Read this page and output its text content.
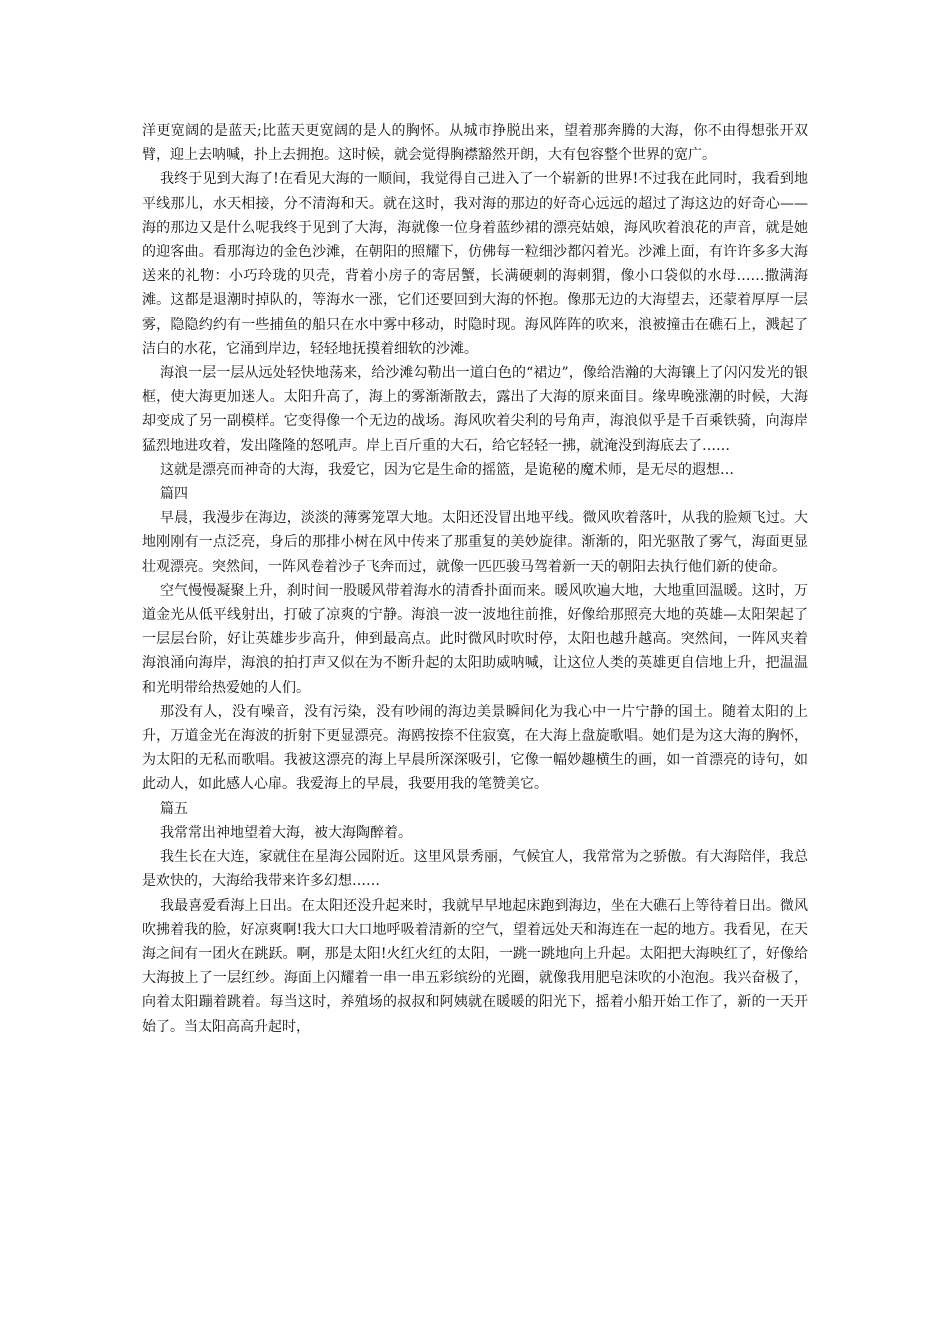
洋更宽阔的是蓝天;比蓝天更宽阔的是人的胸怀。从城市挣脱出来，望着那奔腾的大海，你不由得想张开双臂，迎上去呐喊，扑上去拥抱。这时候，就会觉得胸襟豁然开朗，大有包容整个世界的宽广。

我终于见到大海了!在看见大海的一顺间，我觉得自己进入了一个崭新的世界!不过我在此同时，我看到地平线那儿，水天相接，分不清海和天。就在这时，我对海的那边的好奇心远远的超过了海这边的好奇心——海的那边又是什么呢我终于见到了大海，海就像一位身着蓝纱裙的漂亮姑娘，海风吹着浪花的声音，就是她的迎客曲。看那海边的金色沙滩，在朝阳的照耀下，仿佛每一粒细沙都闪着光。沙滩上面，有许许多多大海送来的礼物：小巧玲珑的贝壳，背着小房子的寄居蟹，长满硬刺的海刺猬，像小口袋似的水母……撒满海滩。这都是退潮时掉队的，等海水一涨，它们还要回到大海的怀抱。像那无边的大海望去，还蒙着厚厚一层雾，隐隐约约有一些捕鱼的船只在水中雾中移动，时隐时现。海风阵阵的吹来，浪被撞击在礁石上，溅起了洁白的水花，它涌到岸边，轻轻地抚摸着细软的沙滩。

海浪一层一层从远处轻快地荡来，给沙滩勾勒出一道白色的“裙边”，像给浩瀚的大海镶上了闪闪发光的银框，使大海更加迷人。太阳升高了，海上的雾渐渐散去，露出了大海的原来面目。缘卑晚涨潮的时候，大海却变成了另一副模样。它变得像一个无边的战场。海风吹着尖利的号角声，海浪似乎是千百乘铁骑，向海岸猛烈地进攻着，发出隆隆的怒吼声。岸上百斤重的大石，给它轻轻一拂，就淹没到海底去了……

这就是漂亮而神奇的大海，我爱它，因为它是生命的摇篮，是诡秘的魔术师，是无尽的遐想…

篇四

早晨，我漫步在海边，淡淡的薄雾笼罩大地。太阳还没冒出地平线。微风吹着落叶，从我的脸颊飞过。大地刚刚有一点泛亮，身后的那排小树在风中传来了那重复的美妙旋律。渐渐的，阳光驱散了雾气，海面更显壮观漂亮。突然间，一阵风卷着沙子飞奔而过，就像一匹匹骏马驾着新一天的朝阳去执行他们新的使命。

空气慢慢凝聚上升，刹时间一股暖风带着海水的清香扑面而来。暖风吹遍大地，大地重回温暖。这时，万道金光从低平线射出，打破了凉爽的宁静。海浪一波一波地往前推，好像给那照亮大地的英雄—太阳架起了一层层台阶，好让英雄步步高升，伸到最高点。此时微风时吹时停，太阳也越升越高。突然间，一阵风夹着海浪涌向海岸，海浪的拍打声又似在为不断升起的太阳助威呐喊，让这位人类的英雄更自信地上升，把温温和光明带给热爱她的人们。

那没有人，没有噪音，没有污染，没有吵闹的海边美景瞬间化为我心中一片宁静的国土。随着太阳的上升，万道金光在海波的折射下更显漂亮。海鸥按捺不住寂寞，在大海上盘旋歌唱。她们是为这大海的胸怀，为太阳的无私而歌唱。我被这漂亮的海上早晨所深深吸引，它像一幅妙趣横生的画，如一首漂亮的诗句，如此动人，如此感人心扉。我爱海上的早晨，我要用我的笔赞美它。

篇五

我常常出神地望着大海，被大海陶醉着。

我生长在大连，家就住在星海公园附近。这里风景秀丽，气候宜人，我常常为之骄傲。有大海陪伴，我总是欢快的，大海给我带来许多幻想……

我最喜爱看海上日出。在太阳还没升起来时，我就早早地起床跑到海边，坐在大礁石上等待着日出。微风吹拂着我的脸，好凉爽啊!我大口大口地呼吸着清新的空气，望着远处天和海连在一起的地方。我看见，在天海之间有一团火在跳跃。啊，那是太阳!火红火红的太阳，一跳一跳地向上升起。太阳把大海映红了，好像给大海披上了一层红纱。海面上闪耀着一串一串五彩缤纷的光圈，就像我用肥皂沫吹的小泡泡。我兴奋极了，向着太阳蹦着跳着。每当这时，养殖场的叔叔和阿姨就在暖暖的阳光下，摇着小船开始工作了，新的一天开始了。当太阳高高升起时，
